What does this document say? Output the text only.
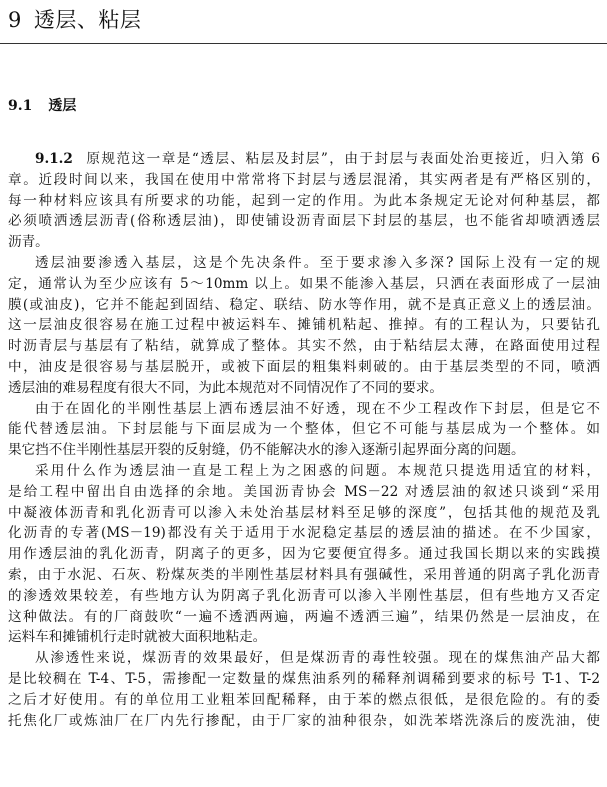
9 透层、粘层
9.1 透层
9.1.2 原规范这一章是“透层、粘层及封层”，由于封层与表面处治更接近，归入第 6
章。近段时间以来，我国在使用中常常将下封层与透层混淆，其实两者是有严格区别的，
每一种材料应该具有所要求的功能，起到一定的作用。为此本条规定无论对何种基层，都
必须喷洒透层沥青(俗称透层油)，即使铺设沥青面层下封层的基层，也不能省却喷洒透层
沥青。
透层油要渗透入基层，这是个先决条件。至于要求渗入多深? 国际上没有一定的规
定，通常认为至少应该有 5～10mm 以上。如果不能渗入基层，只洒在表面形成了一层油
膜(或油皮)，它并不能起到固结、稳定、联结、防水等作用，就不是真正意义上的透层油。
这一层油皮很容易在施工过程中被运料车、摊铺机粘起、推掉。有的工程认为，只要钻孔
时沥青层与基层有了粘结，就算成了整体。其实不然，由于粘结层太薄，在路面使用过程
中，油皮是很容易与基层脱开，或被下面层的粗集料刺破的。由于基层类型的不同，喷洒
透层油的难易程度有很大不同，为此本规范对不同情况作了不同的要求。
由于在固化的半刚性基层上洒布透层油不好透，现在不少工程改作下封层，但是它不
能代替透层油。下封层能与下面层成为一个整体，但它不可能与基层成为一个整体。如
果它挡不住半刚性基层开裂的反射缝，仍不能解决水的渗入逐渐引起界面分离的问题。
采用什么作为透层油一直是工程上为之困惑的问题。本规范只提选用适宜的材料，
是给工程中留出自由选择的余地。美国沥青协会 MS－22 对透层油的叙述只谈到“采用
中凝液体沥青和乳化沥青可以渗入未处治基层材料至足够的深度”，包括其他的规范及乳
化沥青的专著(MS－19)都没有关于适用于水泥稳定基层的透层油的描述。在不少国家，
用作透层油的乳化沥青，阴离子的更多，因为它要便宜得多。通过我国长期以来的实践摸
索，由于水泥、石灰、粉煤灰类的半刚性基层材料具有强碱性，采用普通的阴离子乳化沥青
的渗透效果较差，有些地方认为阴离子乳化沥青可以渗入半刚性基层，但有些地方又否定
这种做法。有的厂商鼓吹“一遍不透洒两遍，两遍不透洒三遍”，结果仍然是一层油皮，在
运料车和摊铺机行走时就被大面积地粘走。
从渗透性来说，煤沥青的效果最好，但是煤沥青的毒性较强。现在的煤焦油产品大都
是比较稠在 T-4、T-5，需掺配一定数量的煤焦油系列的稀释剂调稀到要求的标号 T-1、T-2
之后才好使用。有的单位用工业粗苯回配稀释，由于苯的燃点很低，是很危险的。有的委
托焦化厂或炼油厂在厂内先行掺配，由于厂家的油种很杂，如洗苯塔洗涤后的废洗油，使
